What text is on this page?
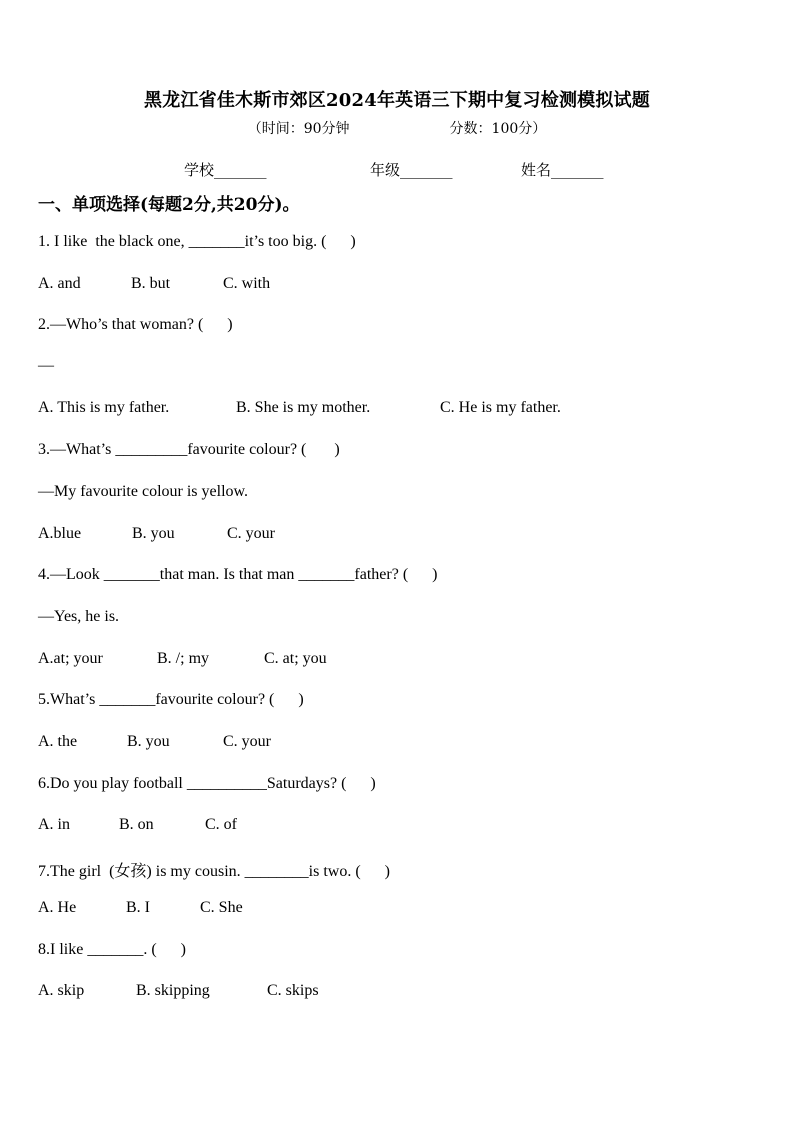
黑龙江省佳木斯市郊区2024年英语三下期中复习检测模拟试题
（时间：90分钟	分数：100分）
学校_______	年级_______	姓名_______
一、单项选择(每题2分,共20分)。
1. I like  the black one, _______it’s too big. (      )
A. and	B. but	C. with
2.—Who’s that woman? (      )
—
A. This is my father.	B. She is my mother.	C. He is my father.
3.—What’s _________favourite colour? (       )
—My favourite colour is yellow.
A.blue	B. you	C. your
4.—Look _______that man. Is that man _______father? (      )
—Yes, he is.
A.at; your	B. /; my	C. at; you
5.What’s _______favourite colour? (      )
A. the	B. you	C. your
6.Do you play football __________Saturdays? (      )
A. in	B. on	C. of
7.The girl  (女孩) is my cousin. ________is two. (      )
A. He	B. I	C. She
8.I like _______. (      )
A. skip	B. skipping	C. skips
